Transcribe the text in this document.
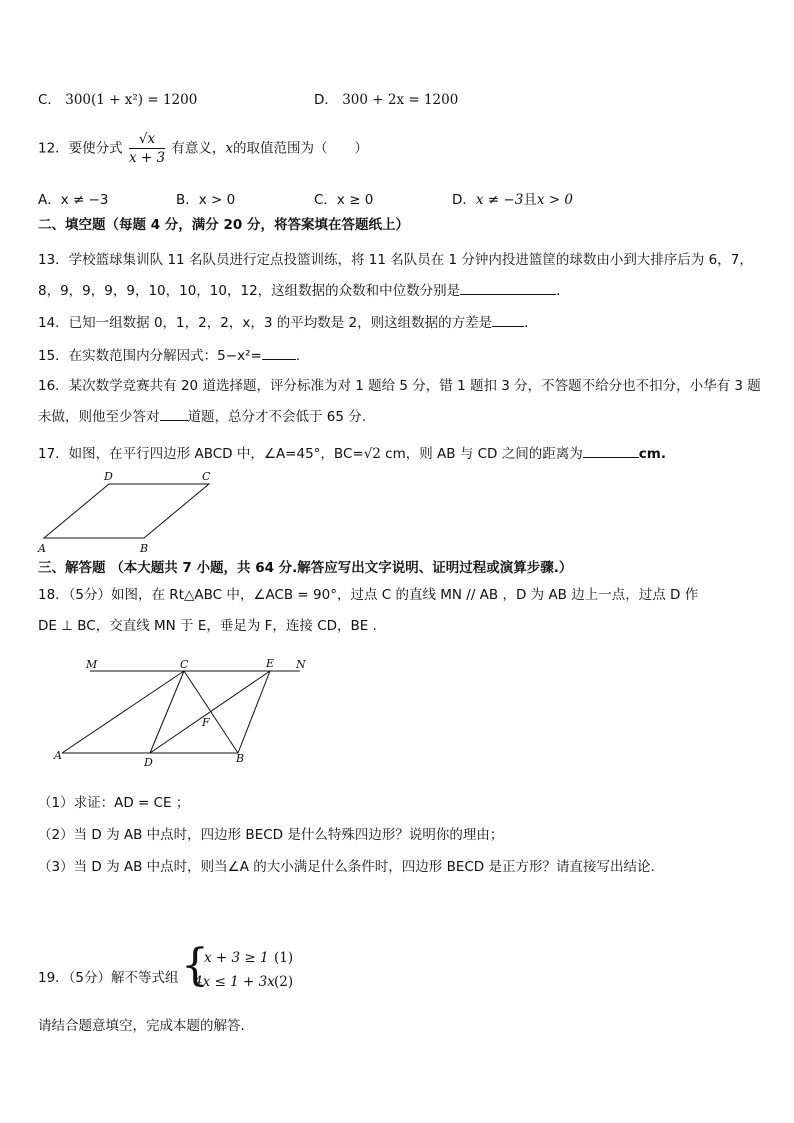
C． 300(1 + x²) = 1200	D． 300 + 2x = 1200
12．要使分式 $\frac{√x}{x + 3}$ 有意义，x的取值范围为（　　）
A．x ≠ −3	B．x > 0	C．x ≥ 0	D．x ≠ −3且x > 0
二、填空题（每题 4 分，满分 20 分，将答案填在答题纸上）
13．学校篮球集训队 11 名队员进行定点投篮训练，将 11 名队员在 1 分钟内投进篮筐的球数由小到大排序后为 6，7，
8，9，9，9，9，10，10，10，12，这组数据的众数和中位数分别是	.
14．已知一组数据 0，1，2，2，x，3 的平均数是 2，则这组数据的方差是 .
15．在实数范围内分解因式：5−x²=	.
16．某次数学竞赛共有 20 道选择题，评分标准为对 1 题给 5 分，错 1 题扣 3 分，不答题不给分也不扣分，小华有 3 题
未做，则他至少答对 道题，总分才不会低于 65 分.
17．如图，在平行四边形 ABCD 中，∠A=45°，BC=√2 cm，则 AB 与 CD 之间的距离为	cm.
A	B
C
D
三、解答题 （本大题共 7 小题，共 64 分.解答应写出文字说明、证明过程或演算步骤.）
18．（5分）如图，在 Rt△ABC 中，∠ACB = 90°，过点 C 的直线 MN // AB ，D 为 AB 边上一点，过点 D 作
DE ⊥ BC，交直线 MN 于 E，垂足为 F，连接 CD，BE .
M	C	E N
F
A
D	B
（1）求证：AD = CE ；
（2）当 D 为 AB 中点时，四边形 BECD 是什么特殊四边形？说明你的理由；
（3）当 D 为 AB 中点时，则当∠A 的大小满足什么条件时，四边形 BECD 是正方形？请直接写出结论.
19．（5分）解不等式组 {
x + 3 ≥ 1 (1)
4x ≤ 1 + 3x (2)
请结合题意填空，完成本题的解答.
